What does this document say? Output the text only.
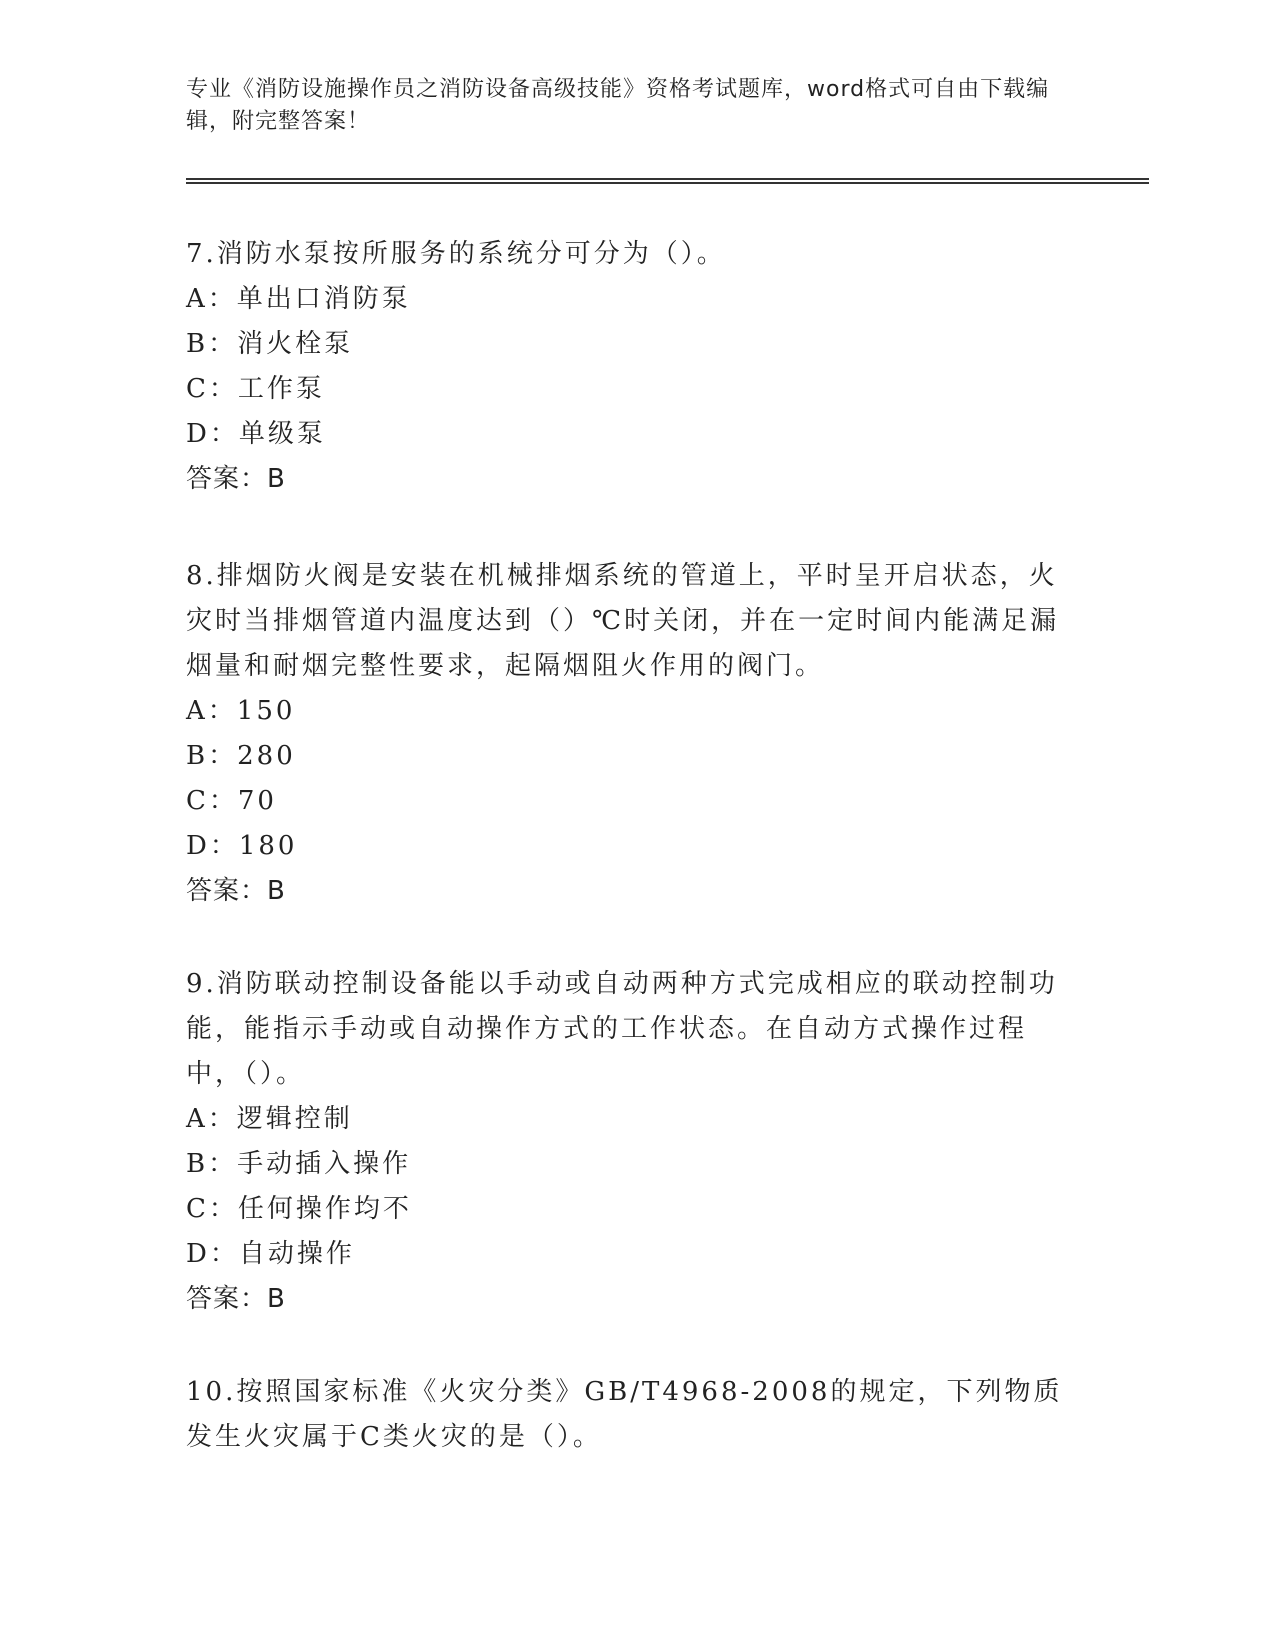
专业《消防设施操作员之消防设备高级技能》资格考试题库，word格式可自由下载编辑，附完整答案！

7.消防水泵按所服务的系统分可分为（）。

A：单出口消防泵

B：消火栓泵

C：工作泵

D：单级泵

答案：B

8.排烟防火阀是安装在机械排烟系统的管道上，平时呈开启状态，火灾时当排烟管道内温度达到（）℃时关闭，并在一定时间内能满足漏烟量和耐烟完整性要求，起隔烟阻火作用的阀门。

A：150

B：280

C：70

D：180

答案：B

9.消防联动控制设备能以手动或自动两种方式完成相应的联动控制功能，能指示手动或自动操作方式的工作状态。在自动方式操作过程中，（）。

A：逻辑控制

B：手动插入操作

C：任何操作均不

D：自动操作

答案：B

10.按照国家标准《火灾分类》GB/T4968-2008的规定，下列物质发生火灾属于C类火灾的是（）。
